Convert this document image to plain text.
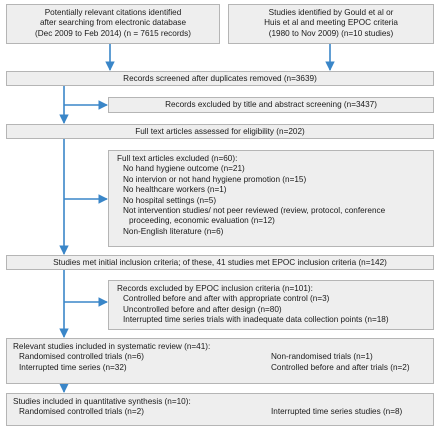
Potentially relevant citations identified
after searching from electronic database
(Dec 2009 to Feb 2014) (n = 7615 records)
Studies identified by Gould et al or
Huis et al and meeting EPOC criteria
(1980 to Nov 2009) (n=10 studies)
Records screened after duplicates removed (n=3639)
Records excluded by title and abstract screening (n=3437)
Full text articles assessed for eligibility (n=202)
Full text articles excluded (n=60):
No hand hygiene outcome (n=21)
No intervion or not hand hygiene promotion (n=15)
No healthcare workers (n=1)
No hospital settings (n=5)
Not intervention studies/ not peer reviewed (review, protocol, conference
proceeding, economic evaluation (n=12)
Non-English literature (n=6)
Studies met initial inclusion criteria; of these, 41 studies met EPOC inclusion criteria (n=142)
Records excluded by EPOC inclusion criteria (n=101):
Controlled before and after with appropriate control (n=3)
Uncontrolled before and after design (n=80)
Interrupted time series trials with inadequate data collection points (n=18)
Relevant studies included in systematic review (n=41):
Randomised controlled trials (n=6)	Non-randomised trials (n=1)
Interrupted time series (n=32)	Controlled before and after trials (n=2)
Studies included in quantitative synthesis (n=10):
Randomised controlled trials (n=2)	Interrupted time series studies (n=8)
